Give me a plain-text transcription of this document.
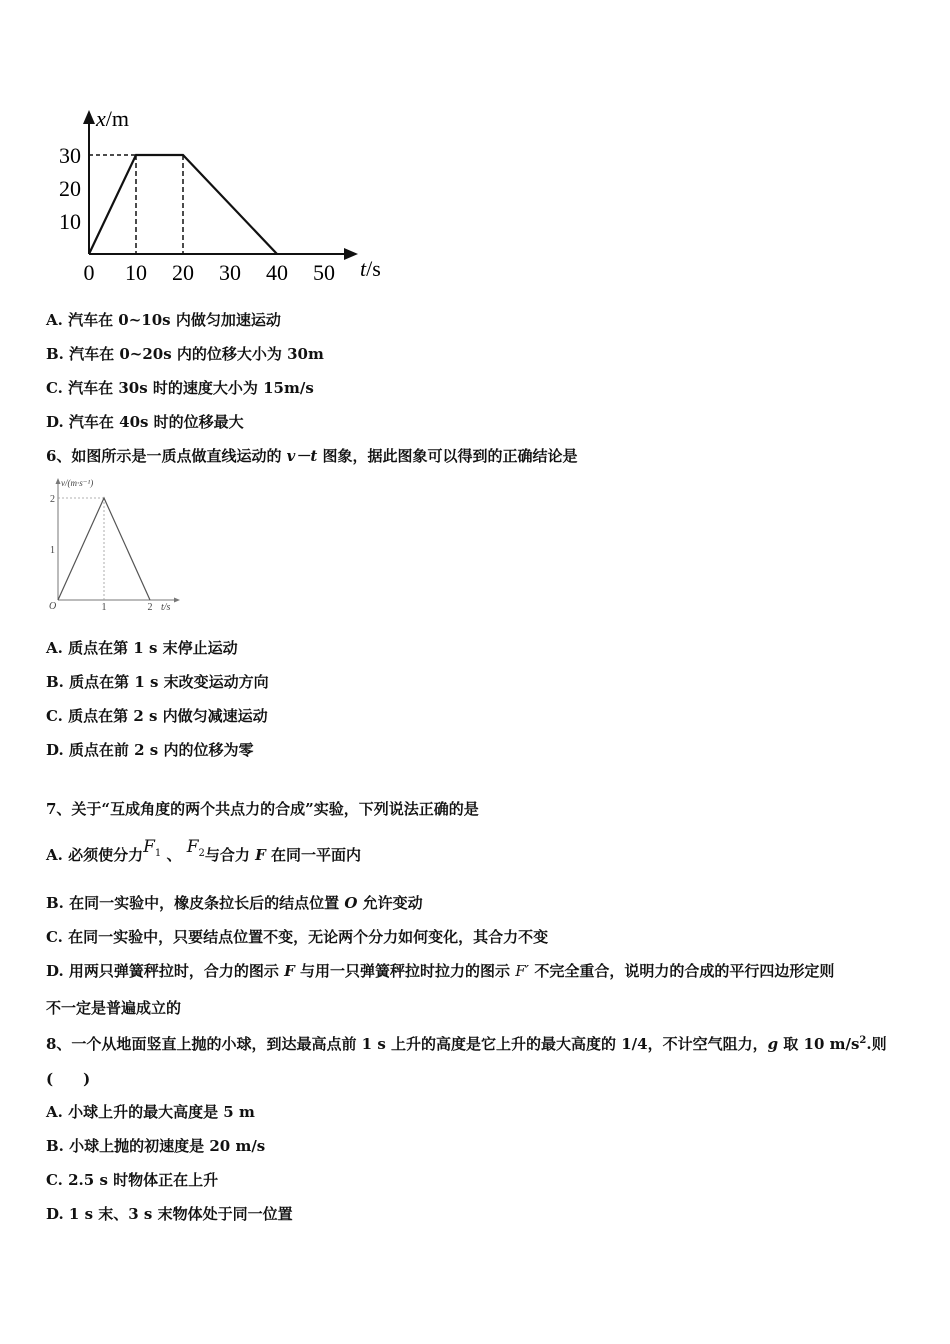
0 10 20 30 40 50
10
20
30
x/m
t/s
A. 汽车在 0~10s 内做匀加速运动
B. 汽车在 0~20s 内的位移大小为 30m
C. 汽车在 30s 时的速度大小为 15m/s
D. 汽车在 40s 时的位移最大
6、如图所示是一质点做直线运动的 v－t 图象，据此图象可以得到的正确结论是
1	2
1
2
v/(m·s⁻¹)
t/s
O
A. 质点在第 1 s 末停止运动
B. 质点在第 1 s 末改变运动方向
C. 质点在第 2 s 内做匀减速运动
D. 质点在前 2 s 内的位移为零
7、关于“互成角度的两个共点力的合成”实验，下列说法正确的是
A. 必须使分力$F^1$ 、 $F^2$与合力 F 在同一平面内
B. 在同一实验中，橡皮条拉长后的结点位置 O 允许变动
C. 在同一实验中，只要结点位置不变，无论两个分力如何变化，其合力不变
D. 用两只弹簧秤拉时，合力的图示 F 与用一只弹簧秤拉时拉力的图示 F′ 不完全重合，说明力的合成的平行四边形定则
不一定是普遍成立的
8、一个从地面竖直上抛的小球，到达最高点前 1 s 上升的高度是它上升的最大高度的 1/4，不计空气阻力，g 取 10 $m/s^2$.则
(　　)
A. 小球上升的最大高度是 5 m
B. 小球上抛的初速度是 20 m/s
C. 2.5 s 时物体正在上升
D. 1 s 末、3 s 末物体处于同一位置
